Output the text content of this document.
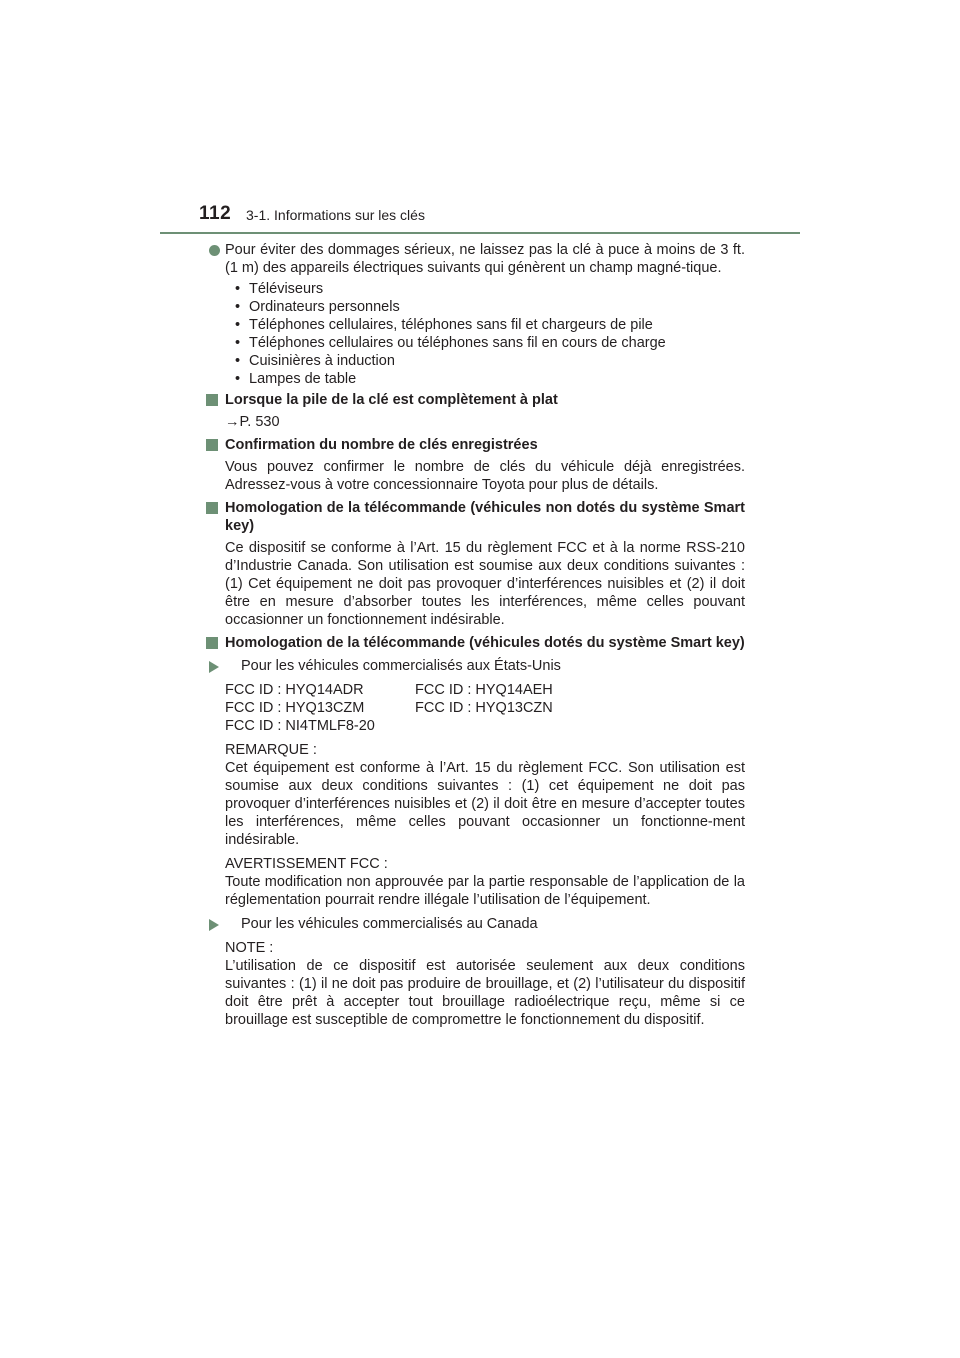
112 3-1. Informations sur les clés
Pour éviter des dommages sérieux, ne laissez pas la clé à puce à moins de 3 ft. (1 m) des appareils électriques suivants qui génèrent un champ magné-tique.
• Téléviseurs
• Ordinateurs personnels
• Téléphones cellulaires, téléphones sans fil et chargeurs de pile
• Téléphones cellulaires ou téléphones sans fil en cours de charge
• Cuisinières à induction
• Lampes de table
Lorsque la pile de la clé est complètement à plat
→P. 530
Confirmation du nombre de clés enregistrées
Vous pouvez confirmer le nombre de clés du véhicule déjà enregistrées. Adressez-vous à votre concessionnaire Toyota pour plus de détails.
Homologation de la télécommande (véhicules non dotés du système Smart key)
Ce dispositif se conforme à l’Art. 15 du règlement FCC et à la norme RSS-210 d’Industrie Canada. Son utilisation est soumise aux deux conditions suivantes : (1) Cet équipement ne doit pas provoquer d’interférences nuisibles et (2) il doit être en mesure d’absorber toutes les interférences, même celles pouvant occasionner un fonctionnement indésirable.
Homologation de la télécommande (véhicules dotés du système Smart key)
Pour les véhicules commercialisés aux États-Unis
FCC ID : HYQ14ADR	FCC ID : HYQ14AEH
FCC ID : HYQ13CZM	FCC ID : HYQ13CZN
FCC ID : NI4TMLF8-20
REMARQUE :
Cet équipement est conforme à l’Art. 15 du règlement FCC. Son utilisation est soumise aux deux conditions suivantes : (1) cet équipement ne doit pas provoquer d’interférences nuisibles et (2) il doit être en mesure d’accepter toutes les interférences, même celles pouvant occasionner un fonctionne-ment indésirable.
AVERTISSEMENT FCC :
Toute modification non approuvée par la partie responsable de l’application de la réglementation pourrait rendre illégale l’utilisation de l’équipement.
Pour les véhicules commercialisés au Canada
NOTE :
L’utilisation de ce dispositif est autorisée seulement aux deux conditions suivantes : (1) il ne doit pas produire de brouillage, et (2) l’utilisateur du dispositif doit être prêt à accepter tout brouillage radioélectrique reçu, même si ce brouillage est susceptible de compromettre le fonctionnement du dispositif.
